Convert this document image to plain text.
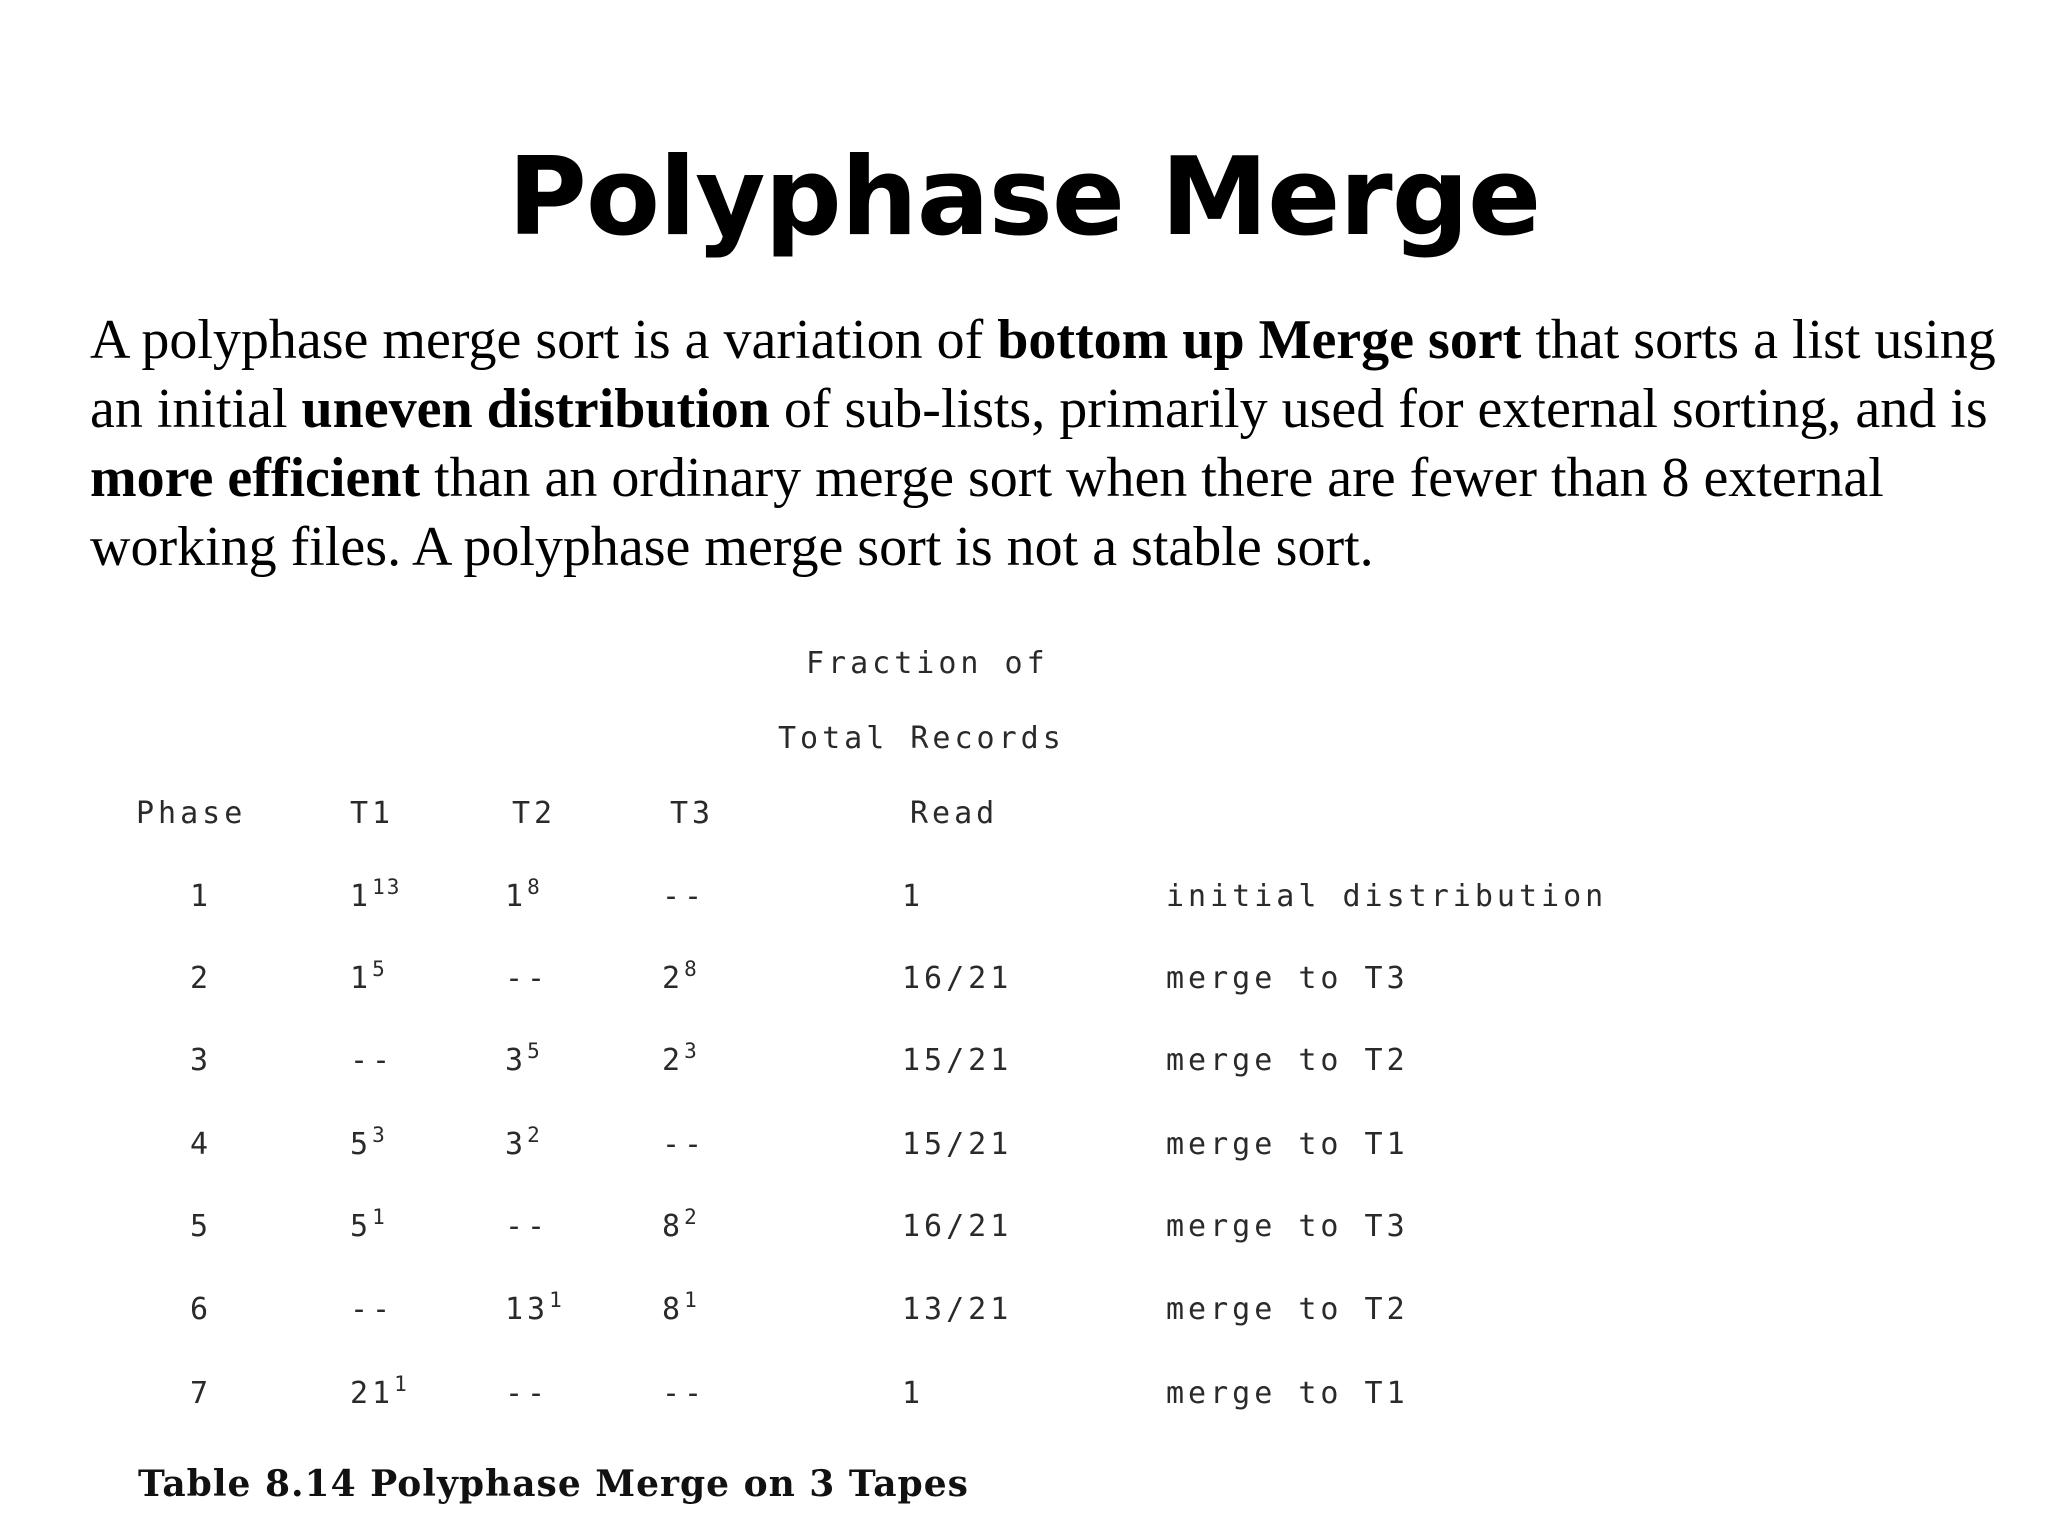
Polyphase Merge
A polyphase merge sort is a variation of bottom up Merge sort that sorts a list using an initial uneven distribution of sub-lists, primarily used for external sorting, and is more efficient than an ordinary merge sort when there are fewer than 8 external working files. A polyphase merge sort is not a stable sort.
Fraction of
Total Records
Phase	T1	T2	T3	Read
1	$1^{13}$	$1^8$	--	1	initial distribution
2	$1^5$	--	$2^8$	16/21	merge to T3
3	--	$3^5$	$2^3$	15/21	merge to T2
4	$5^3$	$3^2$	--	15/21	merge to T1
5	$5^1$	--	$8^2$	16/21	merge to T3
6	--	$13^1$	$8^1$	13/21	merge to T2
7	$21^1$	--	--	1	merge to T1
Table 8.14 Polyphase Merge on 3 Tapes
